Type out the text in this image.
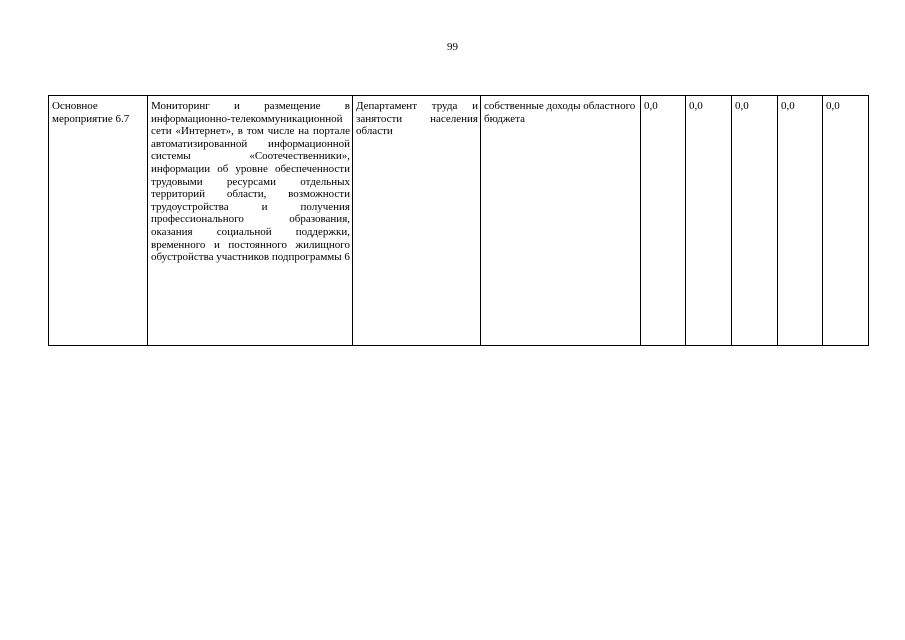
99
Основное мероприятие 6.7	Мониторинг и размещение в информационно-телекоммуникационной сети «Интернет», в том числе на портале автоматизированной информационной системы «Соотечественники», информации об уровне обеспеченности трудовыми ресурсами отдельных территорий области, возможности трудоустройства и получения профессионального образования, оказания социальной поддержки, временного и постоянного жилищного обустройства участников подпрограммы 6	Департамент труда и занятости населения области	собственные доходы областного бюджета	0,0	0,0	0,0	0,0	0,0
